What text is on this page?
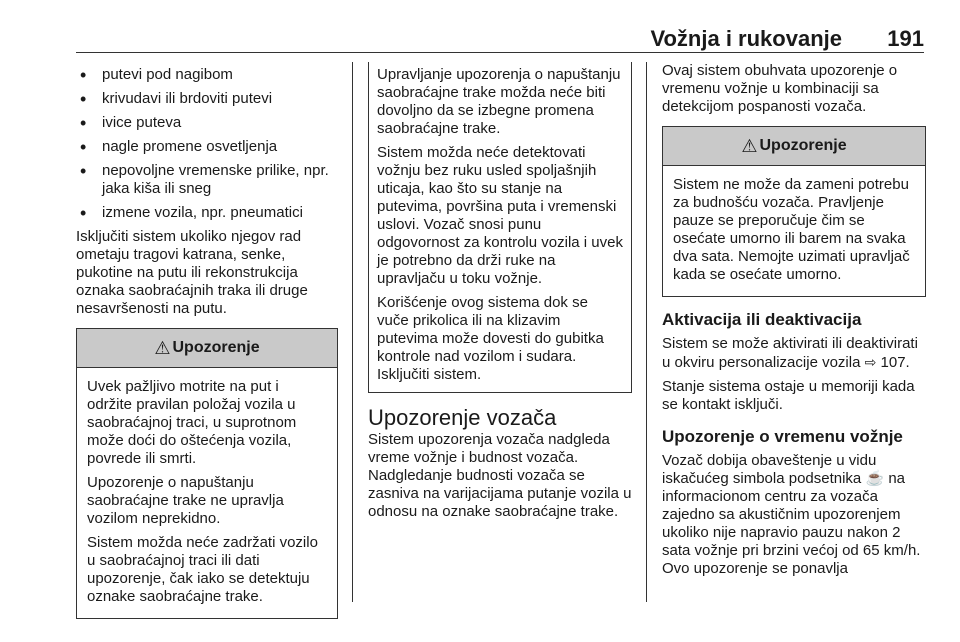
Vožnja i rukovanje 191
• putevi pod nagibom
• krivudavi ili brdoviti putevi
• ivice puteva
• nagle promene osvetljenja
• nepovoljne vremenske prilike, npr. jaka kiša ili sneg
• izmene vozila, npr. pneumatici

Isključiti sistem ukoliko njegov rad ometaju tragovi katrana, senke, pukotine na putu ili rekonstrukcija oznaka saobraćajnih traka ili druge nesavršenosti na putu.

⚠ Upozorenje

Uvek pažljivo motrite na put i održite pravilan položaj vozila u saobraćajnoj traci, u suprotnom može doći do oštećenja vozila, povrede ili smrti.

Upozorenje o napuštanju saobraćajne trake ne upravlja vozilom neprekidno.

Sistem možda neće zadržati vozilo u saobraćajnoj traci ili dati upozorenje, čak iako se detektuju oznake saobraćajne trake.

Upravljanje upozorenja o napuštanju saobraćajne trake možda neće biti dovoljno da se izbegne promena saobraćajne trake.

Sistem možda neće detektovati vožnju bez ruku usled spoljašnjih uticaja, kao što su stanje na putevima, površina puta i vremenski uslovi. Vozač snosi punu odgovornost za kontrolu vozila i uvek je potrebno da drži ruke na upravljaču u toku vožnje.

Korišćenje ovog sistema dok se vuče prikolica ili na klizavim putevima može dovesti do gubitka kontrole nad vozilom i sudara. Isključiti sistem.

Upozorenje vozača

Sistem upozorenja vozača nadgleda vreme vožnje i budnost vozača. Nadgledanje budnosti vozača se zasniva na varijacijama putanje vozila u odnosu na oznake saobraćajne trake.

Ovaj sistem obuhvata upozorenje o vremenu vožnje u kombinaciji sa detekcijom pospanosti vozača.

⚠ Upozorenje

Sistem ne može da zameni potrebu za budnošću vozača. Pravljenje pauze se preporučuje čim se osećate umorno ili barem na svaka dva sata. Nemojte uzimati upravljač kada se osećate umorno.

Aktivacija ili deaktivacija

Sistem se može aktivirati ili deaktivirati u okviru personalizacije vozila ⇨ 107.

Stanje sistema ostaje u memoriji kada se kontakt isključi.

Upozorenje o vremenu vožnje

Vozač dobija obaveštenje u vidu iskačućeg simbola podsetnika ☕ na informacionom centru za vozača zajedno sa akustičnim upozorenjem ukoliko nije napravio pauzu nakon 2 sata vožnje pri brzini većoj od 65 km/h. Ovo upozorenje se ponavlja
